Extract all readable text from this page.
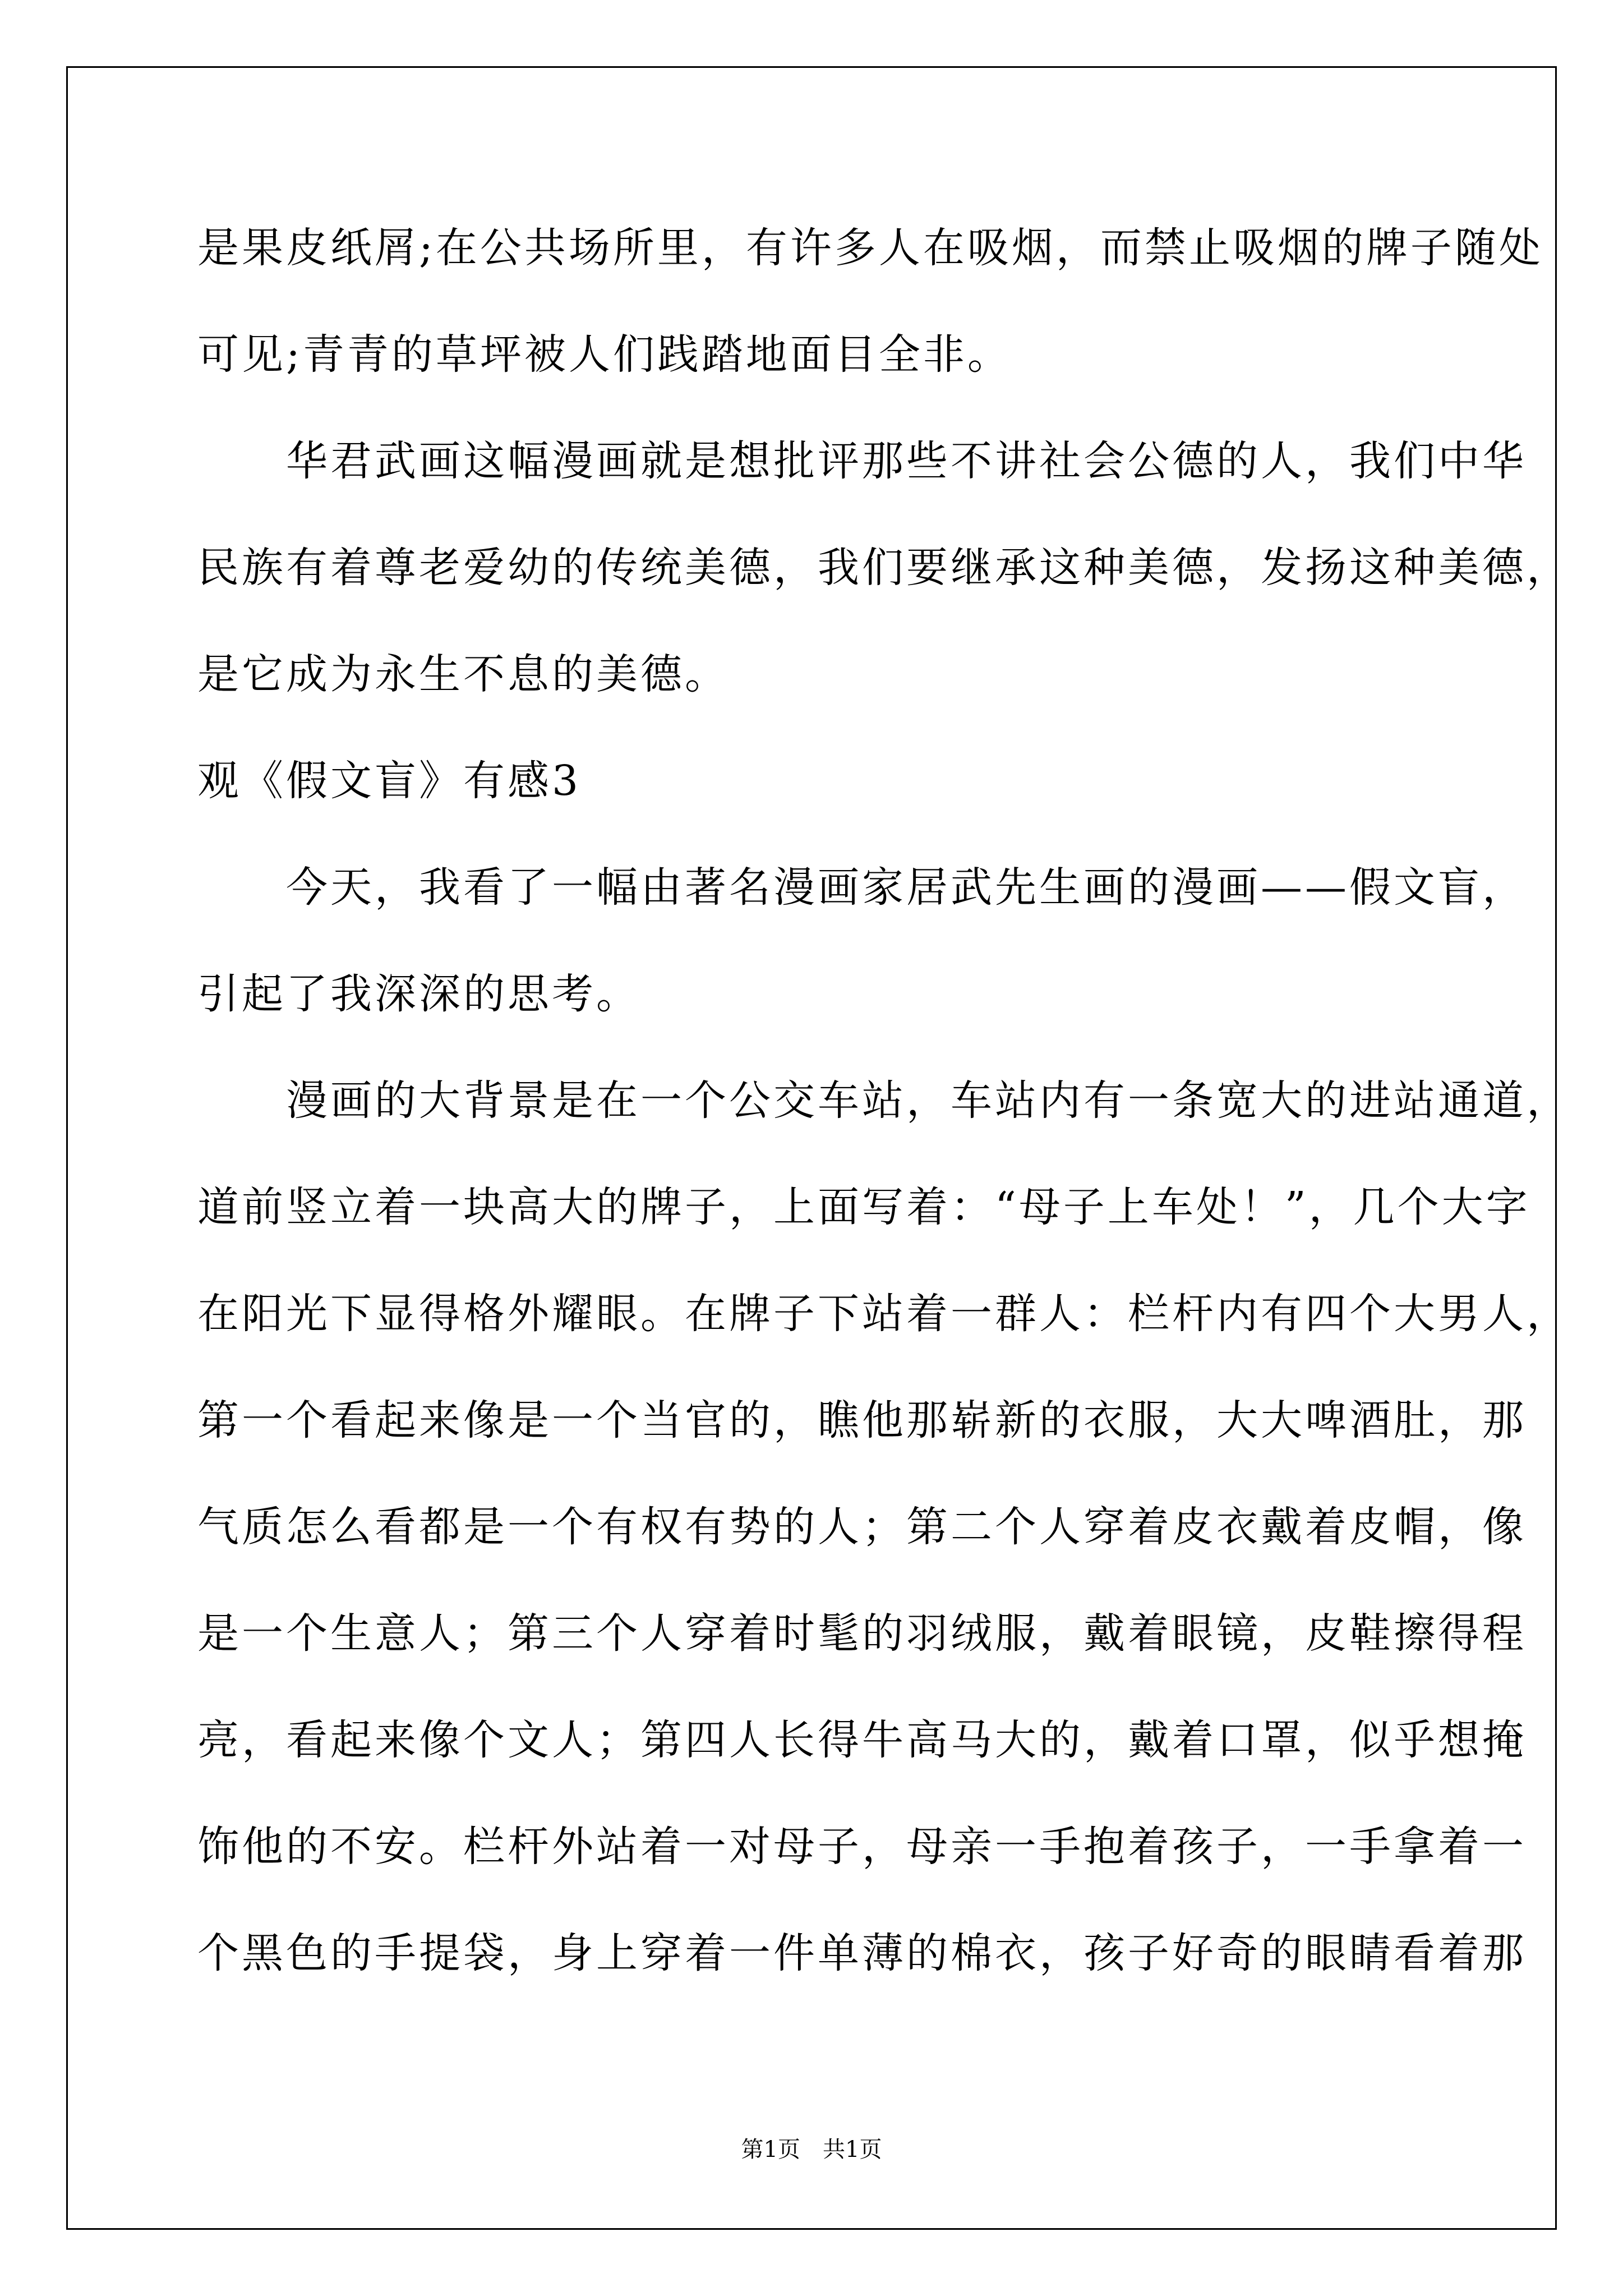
是果皮纸屑;在公共场所里，有许多人在吸烟，而禁止吸烟的牌子随处
可见;青青的草坪被人们践踏地面目全非。
　　华君武画这幅漫画就是想批评那些不讲社会公德的人，我们中华
民族有着尊老爱幼的传统美德，我们要继承这种美德，发扬这种美德，
是它成为永生不息的美德。
观《假文盲》有感3
　　今天，我看了一幅由著名漫画家居武先生画的漫画——假文盲，
引起了我深深的思考。
　　漫画的大背景是在一个公交车站，车站内有一条宽大的进站通道，
道前竖立着一块高大的牌子，上面写着：“母子上车处！”，几个大字
在阳光下显得格外耀眼。在牌子下站着一群人：栏杆内有四个大男人，
第一个看起来像是一个当官的，瞧他那崭新的衣服，大大啤酒肚，那
气质怎么看都是一个有权有势的人；第二个人穿着皮衣戴着皮帽，像
是一个生意人；第三个人穿着时髦的羽绒服，戴着眼镜，皮鞋擦得程
亮，看起来像个文人；第四人长得牛高马大的，戴着口罩，似乎想掩
饰他的不安。栏杆外站着一对母子，母亲一手抱着孩子，一手拿着一
个黑色的手提袋，身上穿着一件单薄的棉衣，孩子好奇的眼睛看着那
第1页　共1页
